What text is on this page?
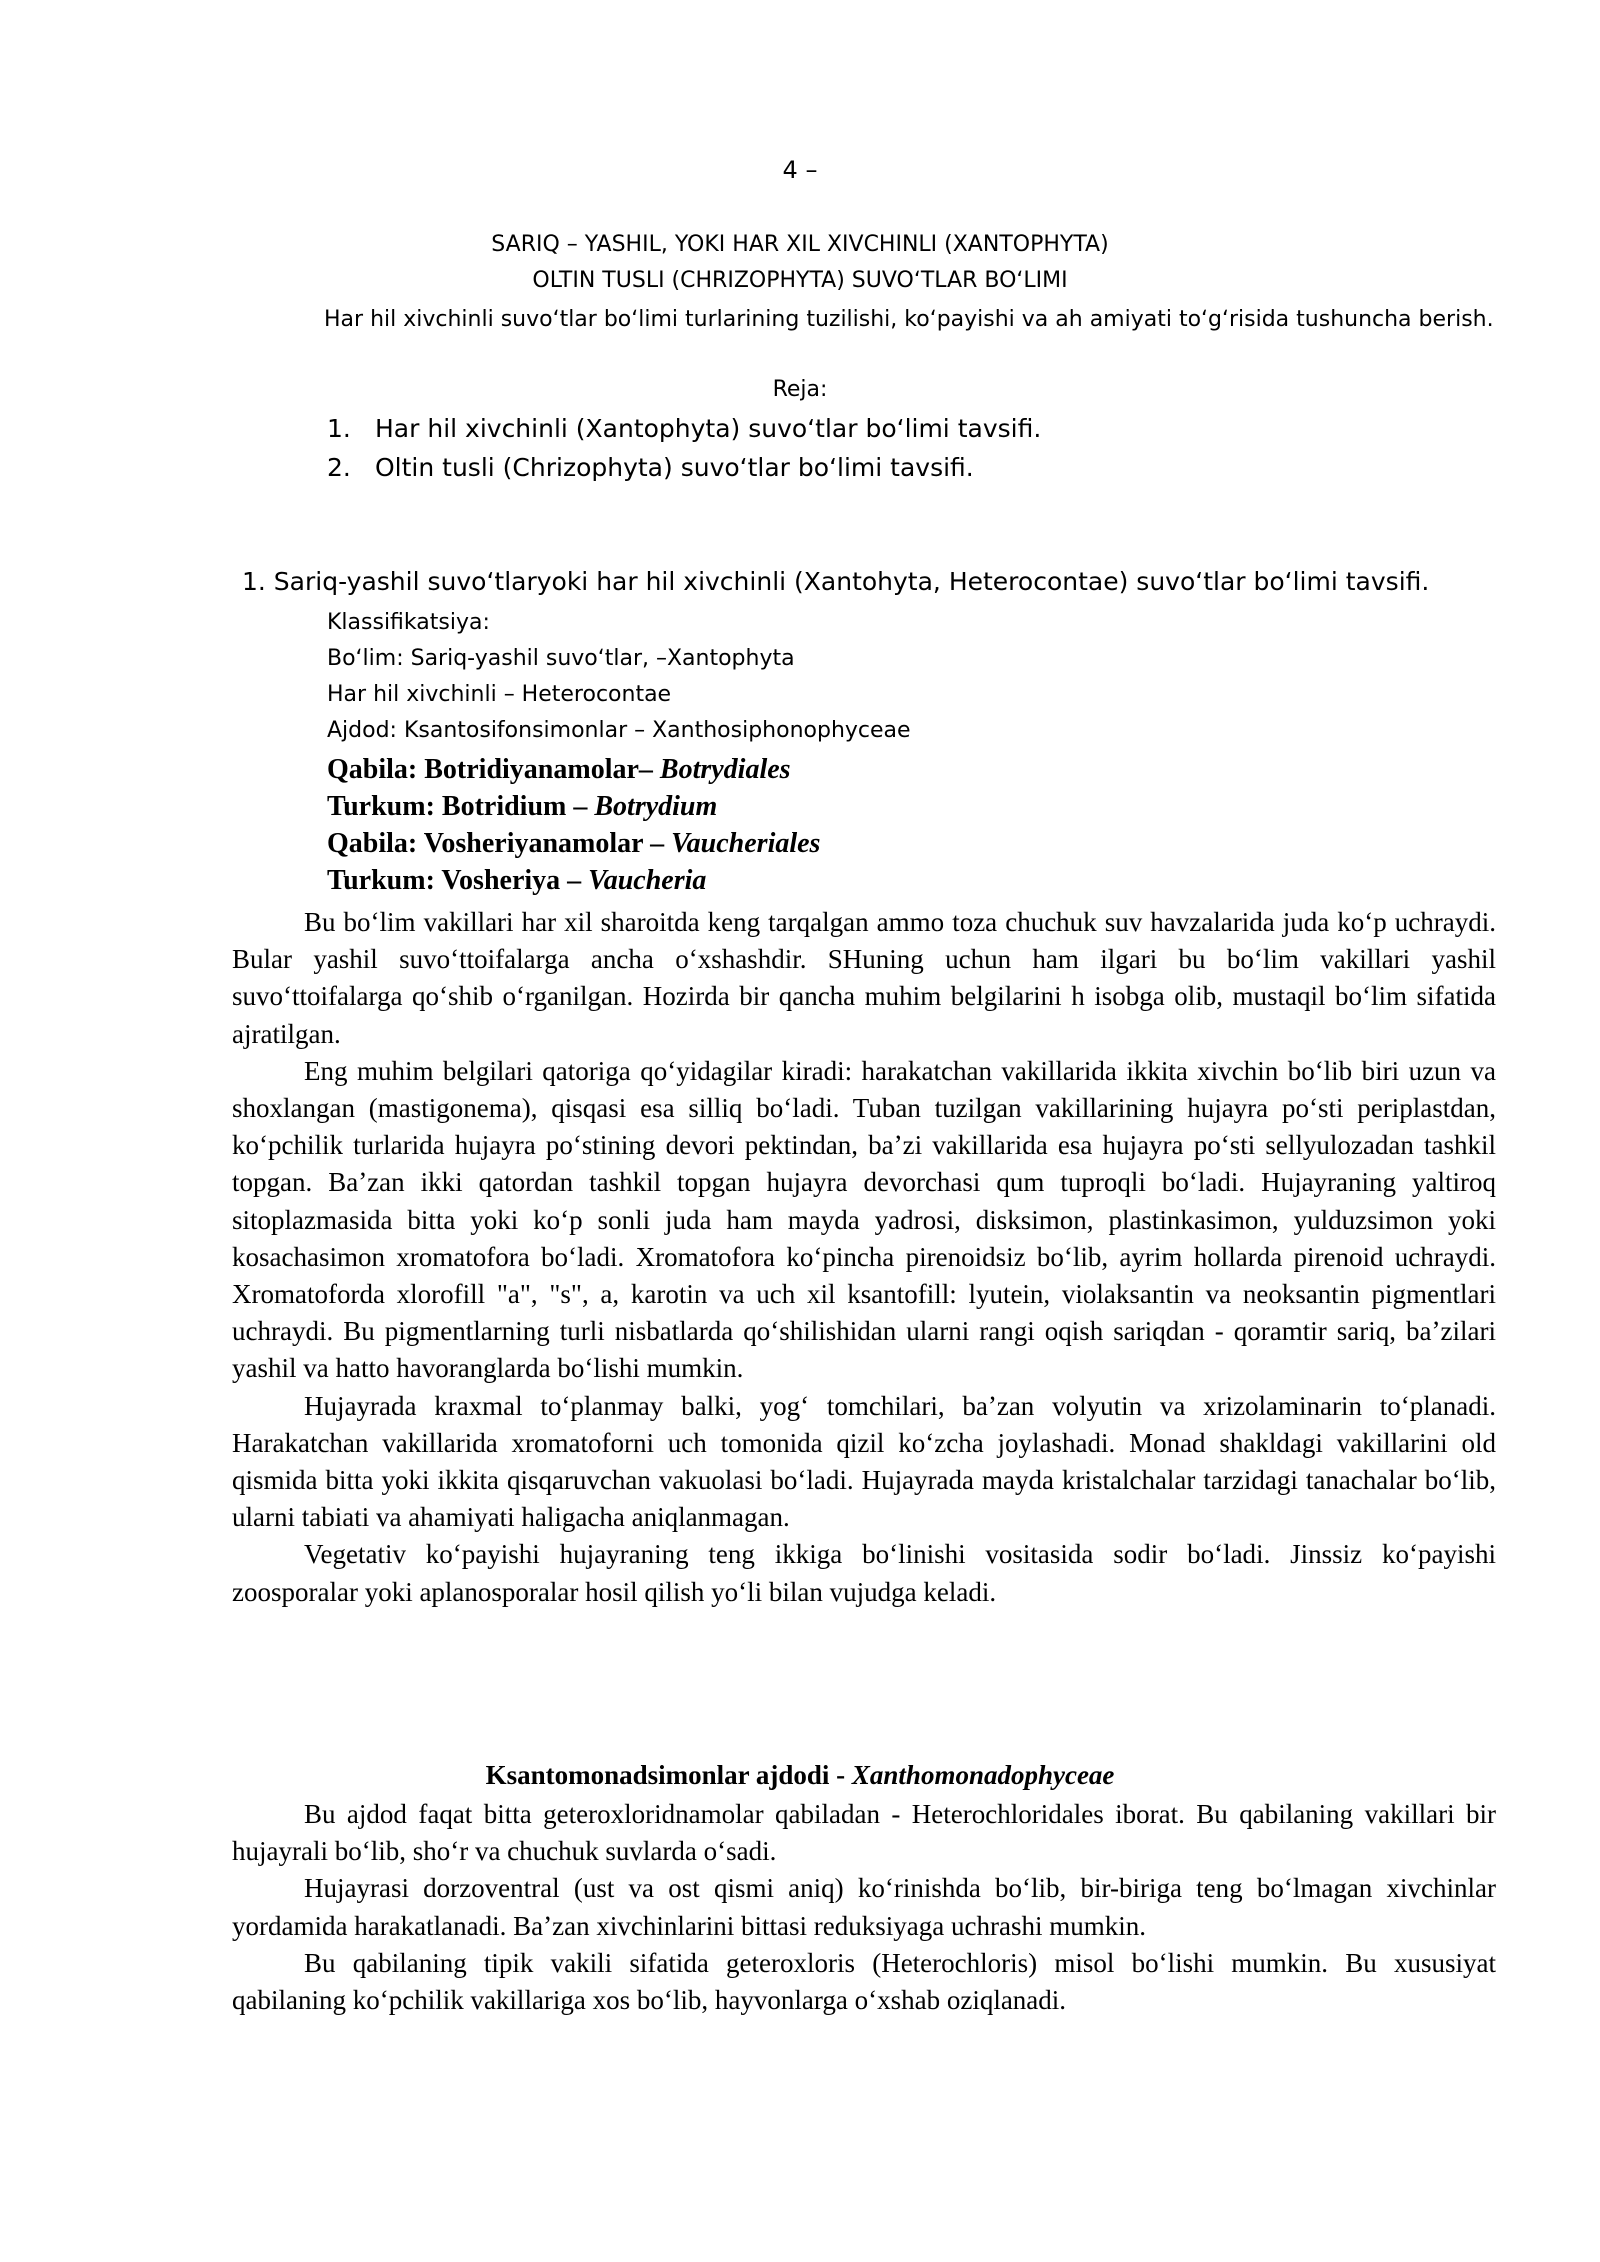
4 –
SARIQ – YASHIL, YOKI HAR XIL XIVCHINLI (XANTOPHYTA)
OLTIN TUSLI (CHRIZOPHYTA) SUVOʻTLAR BOʻLIMI
Har hil xivchinli suvoʻtlar boʻlimi turlarining tuzilishi, koʻpayishi va ah amiyati toʻgʻrisida tushuncha berish.
Reja:
1. Har hil xivchinli (Xantophyta) suvoʻtlar boʻlimi tavsifi.
2. Oltin tusli (Chrizophyta) suvoʻtlar boʻlimi tavsifi.
1. Sariq-yashil suvoʻtlaryoki har hil xivchinli (Xantohyta, Heterocontae) suvoʻtlar boʻlimi tavsifi.
Klassifikatsiya:
Boʻlim: Sariq-yashil suvoʻtlar, –Xantophyta
Har hil xivchinli – Heterocontae
Ajdod: Ksantosifonsimonlar – Xanthosiphonophyceae
Qabila: Botridiyanamolar– Botrydiales
Turkum: Botridium – Botrydium
Qabila: Vosheriyanamolar – Vaucheriales
Turkum: Vosheriya – Vaucheria

Bu boʻlim vakillari har xil sharoitda keng tarqalgan ammo toza chuchuk suv havzalarida juda koʻp uchraydi. Bular yashil suvoʻttoifalarga ancha oʻxshashdir. SHuning uchun ham ilgari bu boʻlim vakillari yashil suvoʻttoifalarga qoʻshib oʻrganilgan. Hozirda bir qancha muhim belgilarini h isobga olib, mustaqil boʻlim sifatida ajratilgan.

Eng muhim belgilari qatoriga qoʻyidagilar kiradi: harakatchan vakillarida ikkita xivchin boʻlib biri uzun va shoxlangan (mastigonema), qisqasi esa silliq boʻladi. Tuban tuzilgan vakillarining hujayra poʻsti periplastdan, koʻpchilik turlarida hujayra poʻstining devori pektindan, baʼzi vakillarida esa hujayra poʻsti sellyulozadan tashkil topgan. Baʼzan ikki qatordan tashkil topgan hujayra devorchasi qum tuproqli boʻladi. Hujayraning yaltiroq sitoplazmasida bitta yoki koʻp sonli juda ham mayda yadrosi, disksimon, plastinkasimon, yulduzsimon yoki kosachasimon xromatofora boʻladi. Xromatofora koʻpincha pirenoidsiz boʻlib, ayrim hollarda pirenoid uchraydi. Xromatoforda xlorofill "a", "s", a, karotin va uch xil ksantofill: lyutein, violaksantin va neoksantin pigmentlari uchraydi. Bu pigmentlarning turli nisbatlarda qoʻshilishidan ularni rangi oqish sariqdan - qoramtir sariq, baʼzilari yashil va hatto havoranglarda boʻlishi mumkin.

Hujayrada kraxmal toʻplanmay balki, yogʻ tomchilari, baʼzan volyutin va xrizolaminarin toʻplanadi. Harakatchan vakillarida xromatoforni uch tomonida qizil koʻzcha joylashadi. Monad shakldagi vakillarini old qismida bitta yoki ikkita qisqaruvchan vakuolasi boʻladi. Hujayrada mayda kristalchalar tarzidagi tanachalar boʻlib, ularni tabiati va ahamiyati haligacha aniqlanmagan.

Vegetativ koʻpayishi hujayraning teng ikkiga boʻlinishi vositasida sodir boʻladi. Jinssiz koʻpayishi zoosporalar yoki aplanosporalar hosil qilish yoʻli bilan vujudga keladi.

Ksantomonadsimonlar ajdodi - Xanthomonadophyceae

Bu ajdod faqat bitta geteroxloridnamolar qabiladan - Heterochloridales iborat. Bu qabilaning vakillari bir hujayrali boʻlib, shoʻr va chuchuk suvlarda oʻsadi.

Hujayrasi dorzoventral (ust va ost qismi aniq) koʻrinishda boʻlib, bir-biriga teng boʻlmagan xivchinlar yordamida harakatlanadi. Baʼzan xivchinlarini bittasi reduksiyaga uchrashi mumkin.

Bu qabilaning tipik vakili sifatida geteroxloris (Heterochloris) misol boʻlishi mumkin. Bu xususiyat qabilaning koʻpchilik vakillariga xos boʻlib, hayvonlarga oʻxshab oziqlanadi.
